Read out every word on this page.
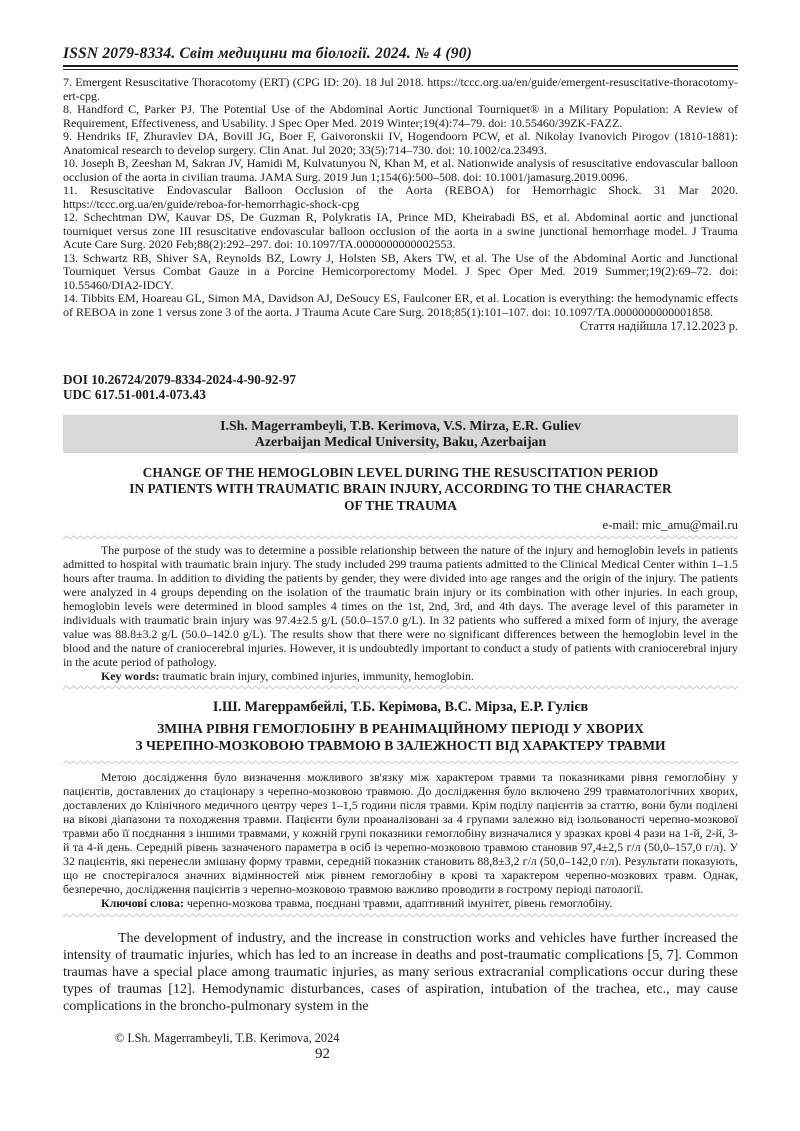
ISSN 2079-8334. Світ медицини та біології. 2024. № 4 (90)
7. Emergent Resuscitative Thoracotomy (ERT) (CPG ID: 20). 18 Jul 2018. https://tccc.org.ua/en/guide/emergent-resuscitative-thoracotomy-ert-cpg.
8. Handford C, Parker PJ. The Potential Use of the Abdominal Aortic Junctional Tourniquet® in a Military Population: A Review of Requirement, Effectiveness, and Usability. J Spec Oper Med. 2019 Winter;19(4):74–79. doi: 10.55460/39ZK-FAZZ.
9. Hendriks IF, Zhuravlev DA, Bovill JG, Boer F, Gaivoronskii IV, Hogendoorn PCW, et al. Nikolay Ivanovich Pirogov (1810-1881): Anatomical research to develop surgery. Clin Anat. Jul 2020; 33(5):714–730. doi: 10.1002/ca.23493.
10. Joseph B, Zeeshan M, Sakran JV, Hamidi M, Kulvatunyou N, Khan M, et al. Nationwide analysis of resuscitative endovascular balloon occlusion of the aorta in civilian trauma. JAMA Surg. 2019 Jun 1;154(6):500–508. doi: 10.1001/jamasurg.2019.0096.
11. Resuscitative Endovascular Balloon Occlusion of the Aorta (REBOA) for Hemorrhagic Shock. 31 Mar 2020. https://tccc.org.ua/en/guide/reboa-for-hemorrhagic-shock-cpg
12. Schechtman DW, Kauvar DS, De Guzman R, Polykratis IA, Prince MD, Kheirabadi BS, et al. Abdominal aortic and junctional tourniquet versus zone III resuscitative endovascular balloon occlusion of the aorta in a swine junctional hemorrhage model. J Trauma Acute Care Surg. 2020 Feb;88(2):292–297. doi: 10.1097/TA.0000000000002553.
13. Schwartz RB, Shiver SA, Reynolds BZ, Lowry J, Holsten SB, Akers TW, et al. The Use of the Abdominal Aortic and Junctional Tourniquet Versus Combat Gauze in a Porcine Hemicorporectomy Model. J Spec Oper Med. 2019 Summer;19(2):69–72. doi: 10.55460/DIA2-IDCY.
14. Tibbits EM, Hoareau GL, Simon MA, Davidson AJ, DeSoucy ES, Faulconer ER, et al. Location is everything: the hemodynamic effects of REBOA in zone 1 versus zone 3 of the aorta. J Trauma Acute Care Surg. 2018;85(1):101–107. doi: 10.1097/TA.0000000000001858.
Стаття надійшла 17.12.2023 р.
DOI 10.26724/2079-8334-2024-4-90-92-97
UDC 617.51-001.4-073.43
I.Sh. Magerrambeyli, T.B. Kerimova, V.S. Mirza, E.R. Guliev
Azerbaijan Medical University, Baku, Azerbaijan
CHANGE OF THE HEMOGLOBIN LEVEL DURING THE RESUSCITATION PERIOD
IN PATIENTS WITH TRAUMATIC BRAIN INJURY, ACCORDING TO THE CHARACTER
OF THE TRAUMA
e-mail: mic_amu@mail.ru
The purpose of the study was to determine a possible relationship between the nature of the injury and hemoglobin levels in patients admitted to hospital with traumatic brain injury. The study included 299 trauma patients admitted to the Clinical Medical Center within 1–1.5 hours after trauma. In addition to dividing the patients by gender, they were divided into age ranges and the origin of the injury. The patients were analyzed in 4 groups depending on the isolation of the traumatic brain injury or its combination with other injuries. In each group, hemoglobin levels were determined in blood samples 4 times on the 1st, 2nd, 3rd, and 4th days. The average level of this parameter in individuals with traumatic brain injury was 97.4±2.5 g/L (50.0–157.0 g/L). In 32 patients who suffered a mixed form of injury, the average value was 88.8±3.2 g/L (50.0–142.0 g/L). The results show that there were no significant differences between the hemoglobin level in the blood and the nature of craniocerebral injuries. However, it is undoubtedly important to conduct a study of patients with craniocerebral injury in the acute period of pathology.
Key words: traumatic brain injury, combined injuries, immunity, hemoglobin.
І.Ш. Магеррамбейлі, Т.Б. Керімова, В.С. Мірза, Е.Р. Гулієв
ЗМІНА РІВНЯ ГЕМОГЛОБІНУ В РЕАНІМАЦІЙНОМУ ПЕРІОДІ У ХВОРИХ
З ЧЕРЕПНО-МОЗКОВОЮ ТРАВМОЮ В ЗАЛЕЖНОСТІ ВІД ХАРАКТЕРУ ТРАВМИ
Метою дослідження було визначення можливого зв'язку між характером травми та показниками рівня гемоглобіну у пацієнтів, доставлених до стаціонару з черепно-мозковою травмою. До дослідження було включено 299 травматологічних хворих, доставлених до Клінічного медичного центру через 1–1,5 години після травми. Крім поділу пацієнтів за статтю, вони були поділені на вікові діапазони та походження травми. Пацієнти були проаналізовані за 4 групами залежно від ізольованості черепно-мозкової травми або її поєднання з іншими травмами, у кожній групі показники гемоглобіну визначалися у зразках крові 4 рази на 1-й, 2-й, 3-й та 4-й день. Середній рівень зазначеного параметра в осіб із черепно-мозковою травмою становив 97,4±2,5 г/л (50,0–157,0 г/л). У 32 пацієнтів, які перенесли змішану форму травми, середній показник становить 88,8±3,2 г/л (50,0–142,0 г/л). Результати показують, що не спостерігалося значних відмінностей між рівнем гемоглобіну в крові та характером черепно-мозкових травм. Однак, безперечно, дослідження пацієнтів з черепно-мозковою травмою важливо проводити в гострому періоді патології.
Ключові слова: черепно-мозкова травма, поєднані травми, адаптивний імунітет, рівень гемоглобіну.
The development of industry, and the increase in construction works and vehicles have further increased the intensity of traumatic injuries, which has led to an increase in deaths and post-traumatic complications [5, 7]. Common traumas have a special place among traumatic injuries, as many serious extracranial complications occur during these types of traumas [12]. Hemodynamic disturbances, cases of aspiration, intubation of the trachea, etc., may cause complications in the broncho-pulmonary system in the
© I.Sh. Magerrambeyli, T.B. Kerimova, 2024
92
